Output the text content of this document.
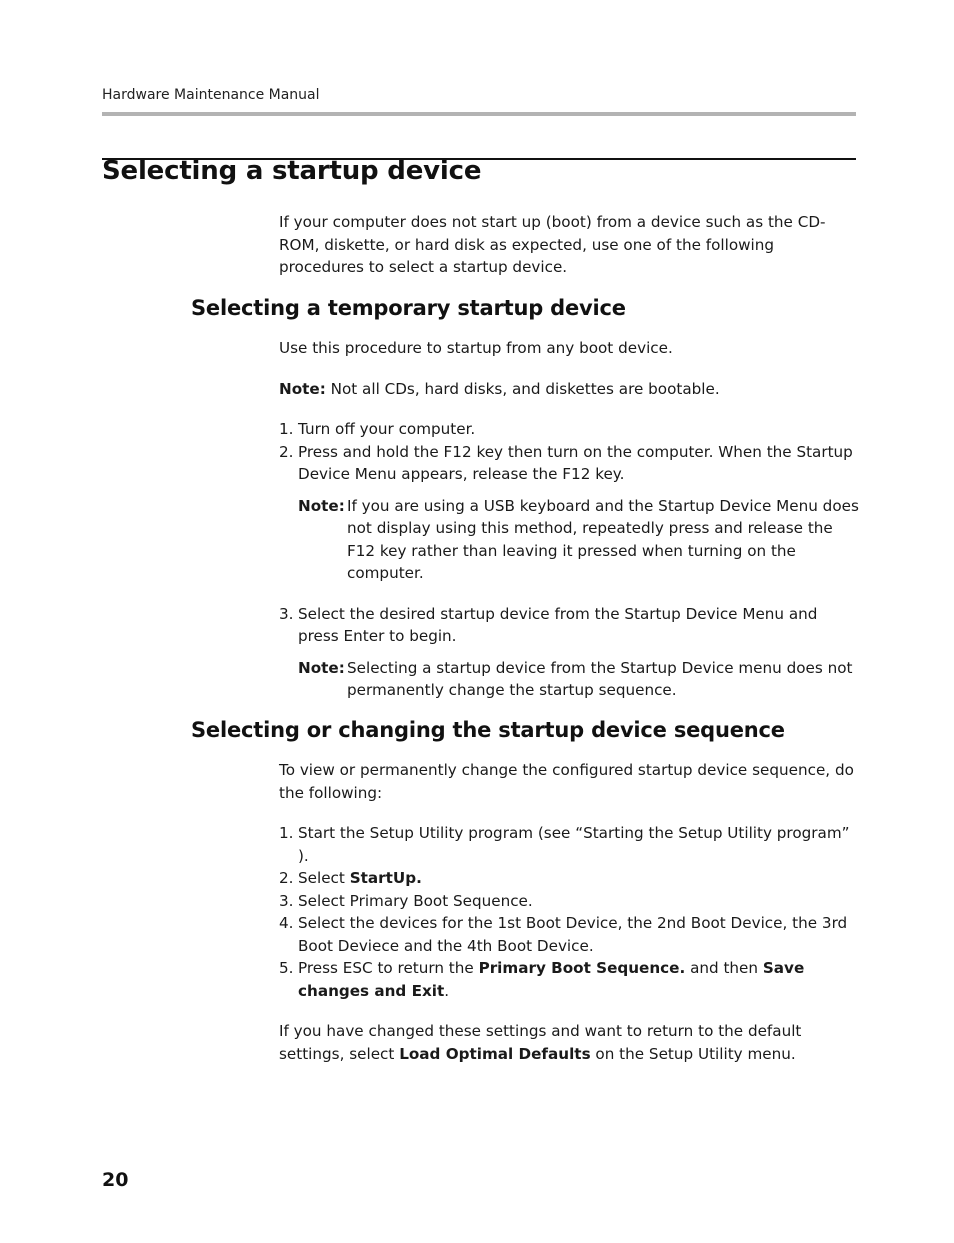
Hardware Maintenance Manual
Selecting a startup device

If your computer does not start up (boot) from a device such as the CD-ROM, diskette, or hard disk as expected, use one of the following procedures to select a startup device.

Selecting a temporary startup device

Use this procedure to startup from any boot device.

Note: Not all CDs, hard disks, and diskettes are bootable.

1. Turn off your computer.
2. Press and hold the F12 key then turn on the computer. When the Startup Device Menu appears, release the F12 key.
Note: If you are using a USB keyboard and the Startup Device Menu does not display using this method, repeatedly press and release the F12 key rather than leaving it pressed when turning on the computer.
3. Select the desired startup device from the Startup Device Menu and press Enter to begin.
Note: Selecting a startup device from the Startup Device menu does not permanently change the startup sequence.
Selecting or changing the startup device sequence

To view or permanently change the configured startup device sequence, do the following:

1. Start the Setup Utility program (see “Starting the Setup Utility program” ).
2. Select StartUp.
3. Select Primary Boot Sequence.
4. Select the devices for the 1st Boot Device, the 2nd Boot Device, the 3rd Boot Deviece and the 4th Boot Device.
5. Press ESC to return the Primary Boot Sequence. and then Save changes and Exit.

If you have changed these settings and want to return to the default settings, select Load Optimal Defaults on the Setup Utility menu.

20
